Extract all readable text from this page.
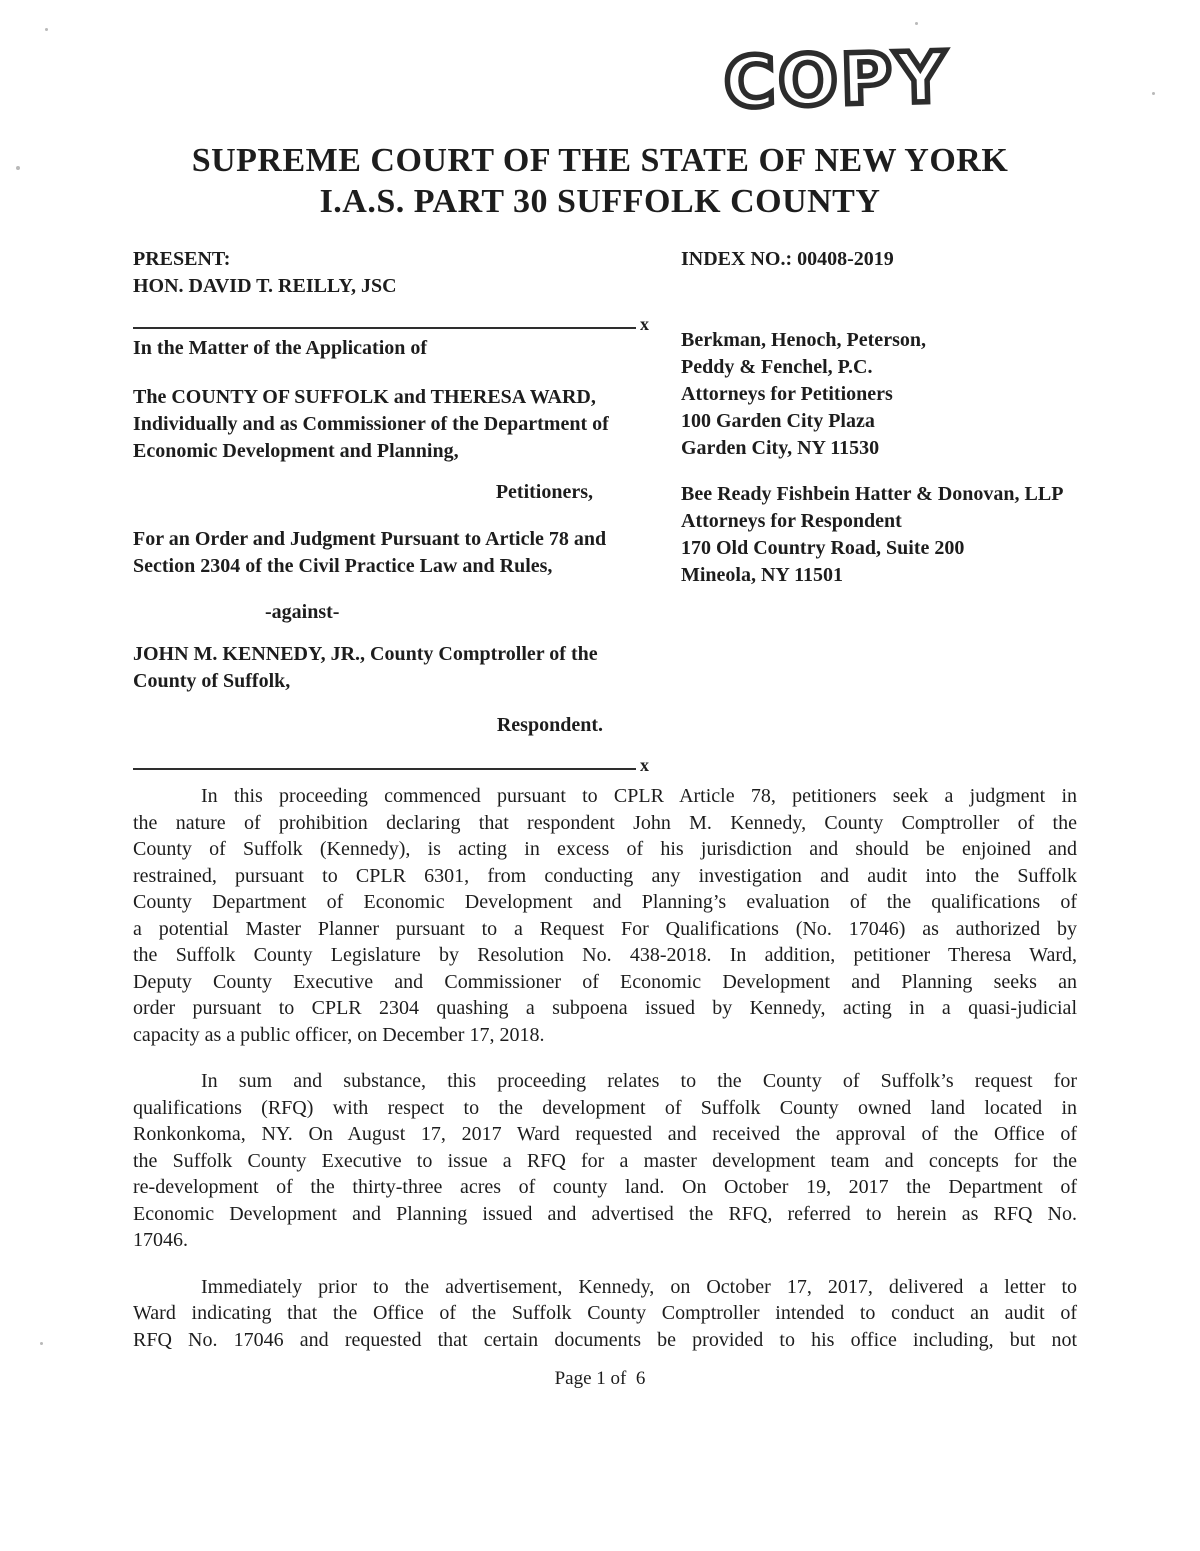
COPY
SUPREME COURT OF THE STATE OF NEW YORK
I.A.S. PART 30 SUFFOLK COUNTY
PRESENT:
HON. DAVID T. REILLY, JSC
x
In the Matter of the Application of
The COUNTY OF SUFFOLK and THERESA WARD,
Individually and as Commissioner of the Department of
Economic Development and Planning,
Petitioners,
For an Order and Judgment Pursuant to Article 78 and
Section 2304 of the Civil Practice Law and Rules,
-against-
JOHN M. KENNEDY, JR., County Comptroller of the
County of Suffolk,
Respondent.
x
INDEX NO.: 00408-2019
Berkman, Henoch, Peterson,
Peddy & Fenchel, P.C.
Attorneys for Petitioners
100 Garden City Plaza
Garden City, NY 11530
Bee Ready Fishbein Hatter & Donovan, LLP
Attorneys for Respondent
170 Old Country Road, Suite 200
Mineola, NY 11501

In this proceeding commenced pursuant to CPLR Article 78, petitioners seek a judgment in
the nature of prohibition declaring that respondent John M. Kennedy, County Comptroller of the
County of Suffolk (Kennedy), is acting in excess of his jurisdiction and should be enjoined and
restrained, pursuant to CPLR 6301, from conducting any investigation and audit into the Suffolk
County Department of Economic Development and Planning’s evaluation of the qualifications of
a potential Master Planner pursuant to a Request For Qualifications (No. 17046) as authorized by
the Suffolk County Legislature by Resolution No. 438-2018. In addition, petitioner Theresa Ward,
Deputy County Executive and Commissioner of Economic Development and Planning seeks an
order pursuant to CPLR 2304 quashing a subpoena issued by Kennedy, acting in a quasi-judicial
capacity as a public officer, on December 17, 2018.

In sum and substance, this proceeding relates to the County of Suffolk’s request for
qualifications (RFQ) with respect to the development of Suffolk County owned land located in
Ronkonkoma, NY. On August 17, 2017 Ward requested and received the approval of the Office of
the Suffolk County Executive to issue a RFQ for a master development team and concepts for the
re-development of the thirty-three acres of county land. On October 19, 2017 the Department of
Economic Development and Planning issued and advertised the RFQ, referred to herein as RFQ No.
17046.

Immediately prior to the advertisement, Kennedy, on October 17, 2017, delivered a letter to
Ward indicating that the Office of the Suffolk County Comptroller intended to conduct an audit of
RFQ No. 17046 and requested that certain documents be provided to his office including, but not

Page 1 of  6
